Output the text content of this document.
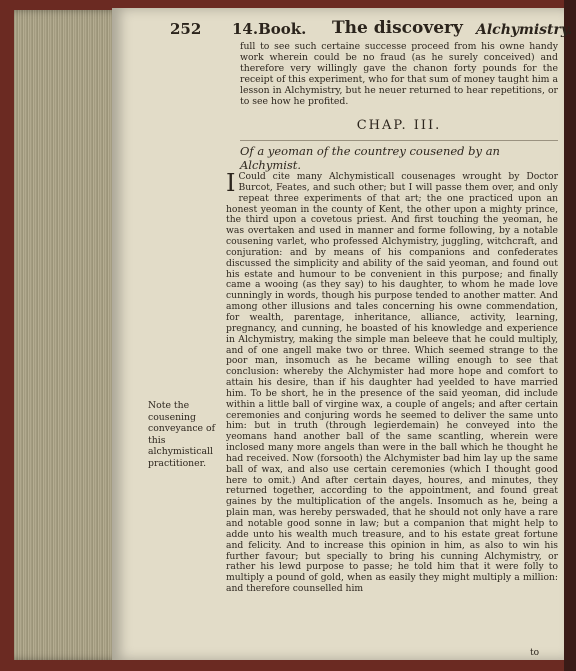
252 14.Book. The discovery Alchymistry.

full to see such certaine successe proceed from his owne handy work wherein could be no fraud (as he surely conceived) and therefore very willingly gave the chanon forty pounds for the receipt of this experiment, who for that sum of money taught him a lesson in Alchymistry, but he neuer returned to hear repetitions, or to see how he profited.

CHAP. III.
Of a yeoman of the countrey cousened by an Alchymist.
I Could cite many Alchymisticall cousenages wrought by Doctor Burcot, Feates, and such other; but I will passe them over, and only repeat three experiments of that art; the one practiced upon an honest yeoman in the county of Kent, the other upon a mighty prince, the third upon a covetous priest. And first touching the yeoman, he was overtaken and used in manner and forme following, by a notable cousening varlet, who professed Alchymistry, juggling, witchcraft, and conjuration: and by means of his companions and confederates discussed the simplicity and ability of the said yeoman, and found out his estate and humour to be convenient in this purpose; and finally came a wooing (as they say) to his daughter, to whom he made love cunningly in words, though his purpose tended to another matter. And among other illusions and tales concerning his owne commendation, for wealth, parentage, inheritance, alliance, activity, learning, pregnancy, and cunning, he boasted of his knowledge and experience in Alchymistry, making the simple man beleeve that he could multiply, and of one angell make two or three. Which seemed strange to the poor man, insomuch as he became willing enough to see that conclusion: whereby the Alchymister had more hope and comfort to attain his desire, than if his daughter had yeelded to have married him. To be short, he in the presence of the said yeoman, did include within a little ball of virgine wax, a couple of angels; and after certain ceremonies and conjuring words he seemed to deliver the same unto him: but in truth (through legierdemain) he conveyed into the yeomans hand another ball of the same scantling, wherein were inclosed many more angels than were in the ball which he thought he had received. Now (forsooth) the Alchymister bad him lay up the same ball of wax, and also use certain ceremonies (which I thought good here to omit.) And after certain dayes, houres, and minutes, they returned together, according to the appointment, and found great gaines by the multiplication of the angels. Insomuch as he, being a plain man, was hereby perswaded, that he should not only have a rare and notable good sonne in law; but a companion that might help to adde unto his wealth much treasure, and to his estate great fortune and felicity. And to increase this opinion in him, as also to win his further favour; but specially to bring his cunning Alchymistry, or rather his lewd purpose to passe; he told him that it were folly to multiply a pound of gold, when as easily they might multiply a million: and therefore counselled him
Note the cousening conveyance of this alchymisticall practitioner.
to
